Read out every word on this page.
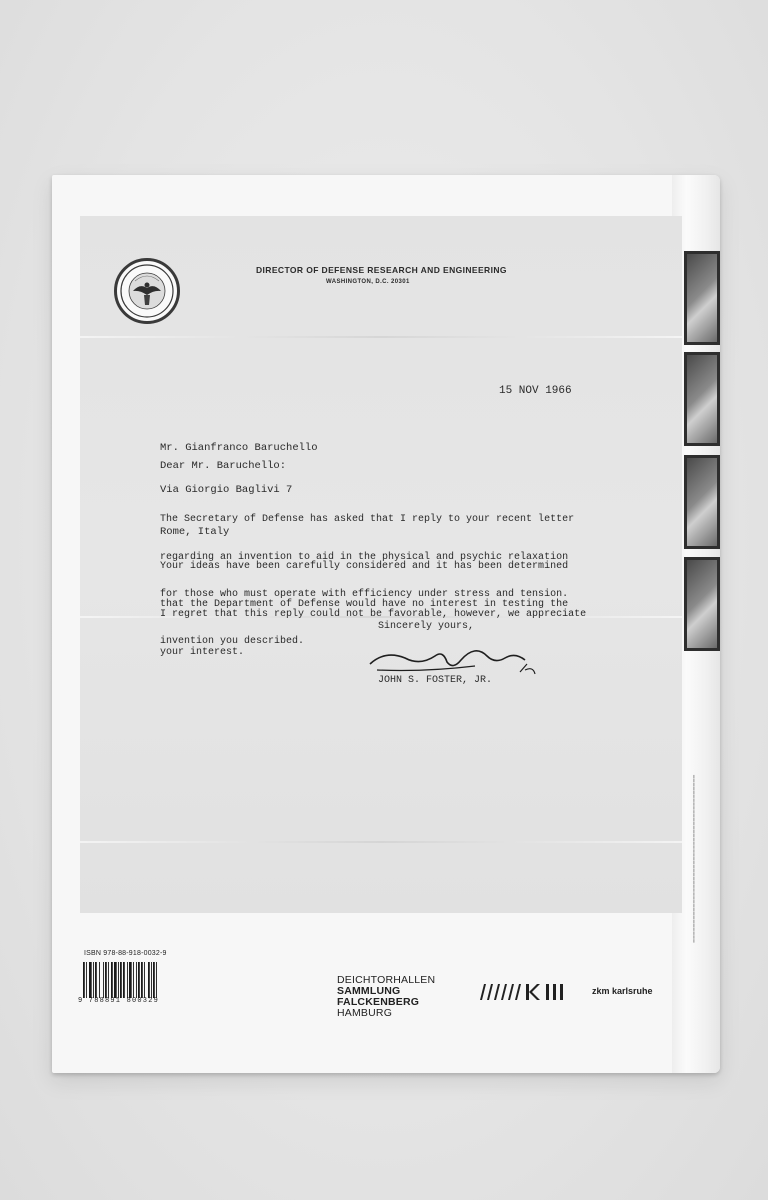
DIRECTOR OF DEFENSE RESEARCH AND ENGINEERING
WASHINGTON, D.C. 20301
15 NOV 1966

Mr. Gianfranco Baruchello

Via Giorgio Baglivi 7

Rome, Italy

Dear Mr. Baruchello:

The Secretary of Defense has asked that I reply to your recent letter

regarding an invention to aid in the physical and psychic relaxation

for those who must operate with efficiency under stress and tension.

Your ideas have been carefully considered and it has been determined

that the Department of Defense would have no interest in testing the

invention you described.

I regret that this reply could not be favorable, however, we appreciate

your interest.

Sincerely yours,
JOHN S. FOSTER, JR.
━━━━━━━━━━━━━━━━━━━━━━━━━━━━━━━━━━━━━━━━━━━
ISBN 978-88-918-0032-9
9 788891 800329
DEICHTORHALLEN
SAMMLUNG
FALCKENBERG
HAMBURG
zkm karlsruhe
